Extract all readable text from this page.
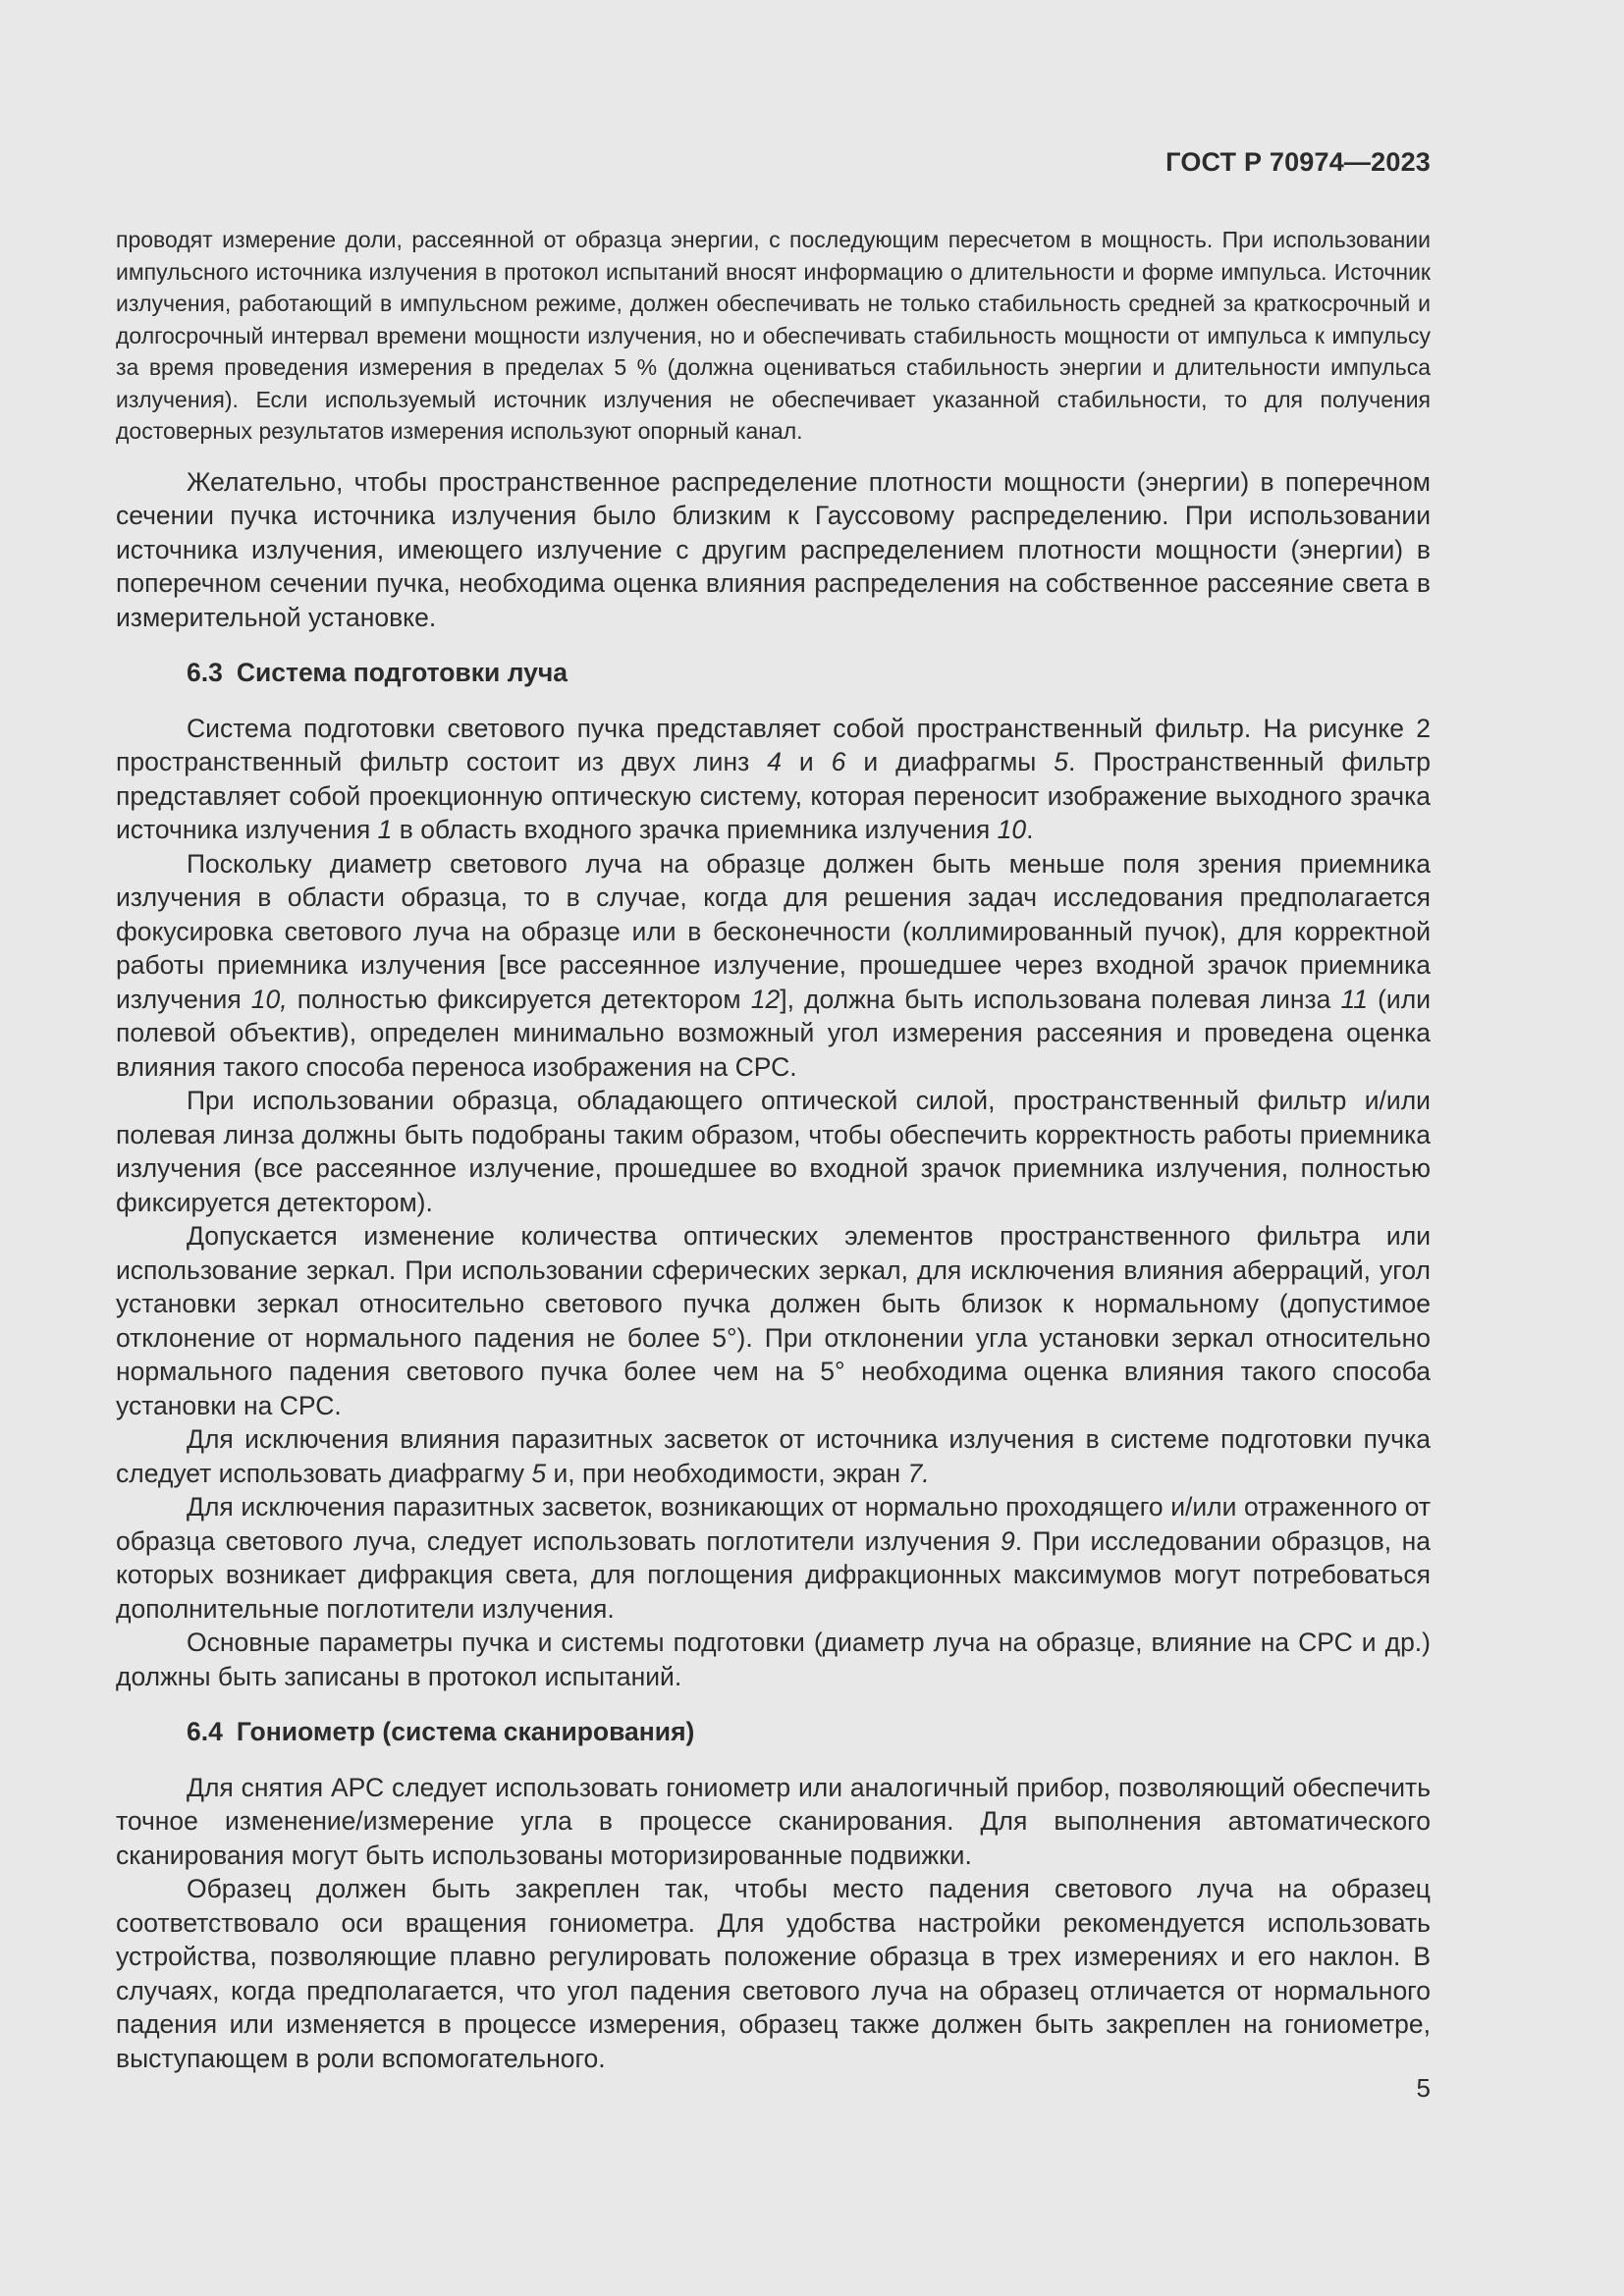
ГОСТ Р 70974—2023

проводят измерение доли, рассеянной от образца энергии, с последующим пересчетом в мощность. При использовании импульсного источника излучения в протокол испытаний вносят информацию о длительности и форме импульса. Источник излучения, работающий в импульсном режиме, должен обеспечивать не только стабильность средней за краткосрочный и долгосрочный интервал времени мощности излучения, но и обеспечивать стабильность мощности от импульса к импульсу за время проведения измерения в пределах 5 % (должна оцениваться стабильность энергии и длительности импульса излучения). Если используемый источник излучения не обеспечивает указанной стабильности, то для получения достоверных результатов измерения используют опорный канал.

Желательно, чтобы пространственное распределение плотности мощности (энергии) в поперечном сечении пучка источника излучения было близким к Гауссовому распределению. При использовании источника излучения, имеющего излучение с другим распределением плотности мощности (энергии) в поперечном сечении пучка, необходима оценка влияния распределения на собственное рассеяние света в измерительной установке.

6.3 Система подготовки луча

Система подготовки светового пучка представляет собой пространственный фильтр. На рисунке 2 пространственный фильтр состоит из двух линз 4 и 6 и диафрагмы 5. Пространственный фильтр представляет собой проекционную оптическую систему, которая переносит изображение выходного зрачка источника излучения 1 в область входного зрачка приемника излучения 10.

Поскольку диаметр светового луча на образце должен быть меньше поля зрения приемника излучения в области образца, то в случае, когда для решения задач исследования предполагается фокусировка светового луча на образце или в бесконечности (коллимированный пучок), для корректной работы приемника излучения [все рассеянное излучение, прошедшее через входной зрачок приемника излучения 10, полностью фиксируется детектором 12], должна быть использована полевая линза 11 (или полевой объектив), определен минимально возможный угол измерения рассеяния и проведена оценка влияния такого способа переноса изображения на СРС.

При использовании образца, обладающего оптической силой, пространственный фильтр и/или полевая линза должны быть подобраны таким образом, чтобы обеспечить корректность работы приемника излучения (все рассеянное излучение, прошедшее во входной зрачок приемника излучения, полностью фиксируется детектором).

Допускается изменение количества оптических элементов пространственного фильтра или использование зеркал. При использовании сферических зеркал, для исключения влияния аберраций, угол установки зеркал относительно светового пучка должен быть близок к нормальному (допустимое отклонение от нормального падения не более 5°). При отклонении угла установки зеркал относительно нормального падения светового пучка более чем на 5° необходима оценка влияния такого способа установки на СРС.

Для исключения влияния паразитных засветок от источника излучения в системе подготовки пучка следует использовать диафрагму 5 и, при необходимости, экран 7.

Для исключения паразитных засветок, возникающих от нормально проходящего и/или отраженного от образца светового луча, следует использовать поглотители излучения 9. При исследовании образцов, на которых возникает дифракция света, для поглощения дифракционных максимумов могут потребоваться дополнительные поглотители излучения.

Основные параметры пучка и системы подготовки (диаметр луча на образце, влияние на СРС и др.) должны быть записаны в протокол испытаний.

6.4 Гониометр (система сканирования)

Для снятия АРС следует использовать гониометр или аналогичный прибор, позволяющий обеспечить точное изменение/измерение угла в процессе сканирования. Для выполнения автоматического сканирования могут быть использованы моторизированные подвижки.

Образец должен быть закреплен так, чтобы место падения светового луча на образец соответствовало оси вращения гониометра. Для удобства настройки рекомендуется использовать устройства, позволяющие плавно регулировать положение образца в трех измерениях и его наклон. В случаях, когда предполагается, что угол падения светового луча на образец отличается от нормального падения или изменяется в процессе измерения, образец также должен быть закреплен на гониометре, выступающем в роли вспомогательного.

5
